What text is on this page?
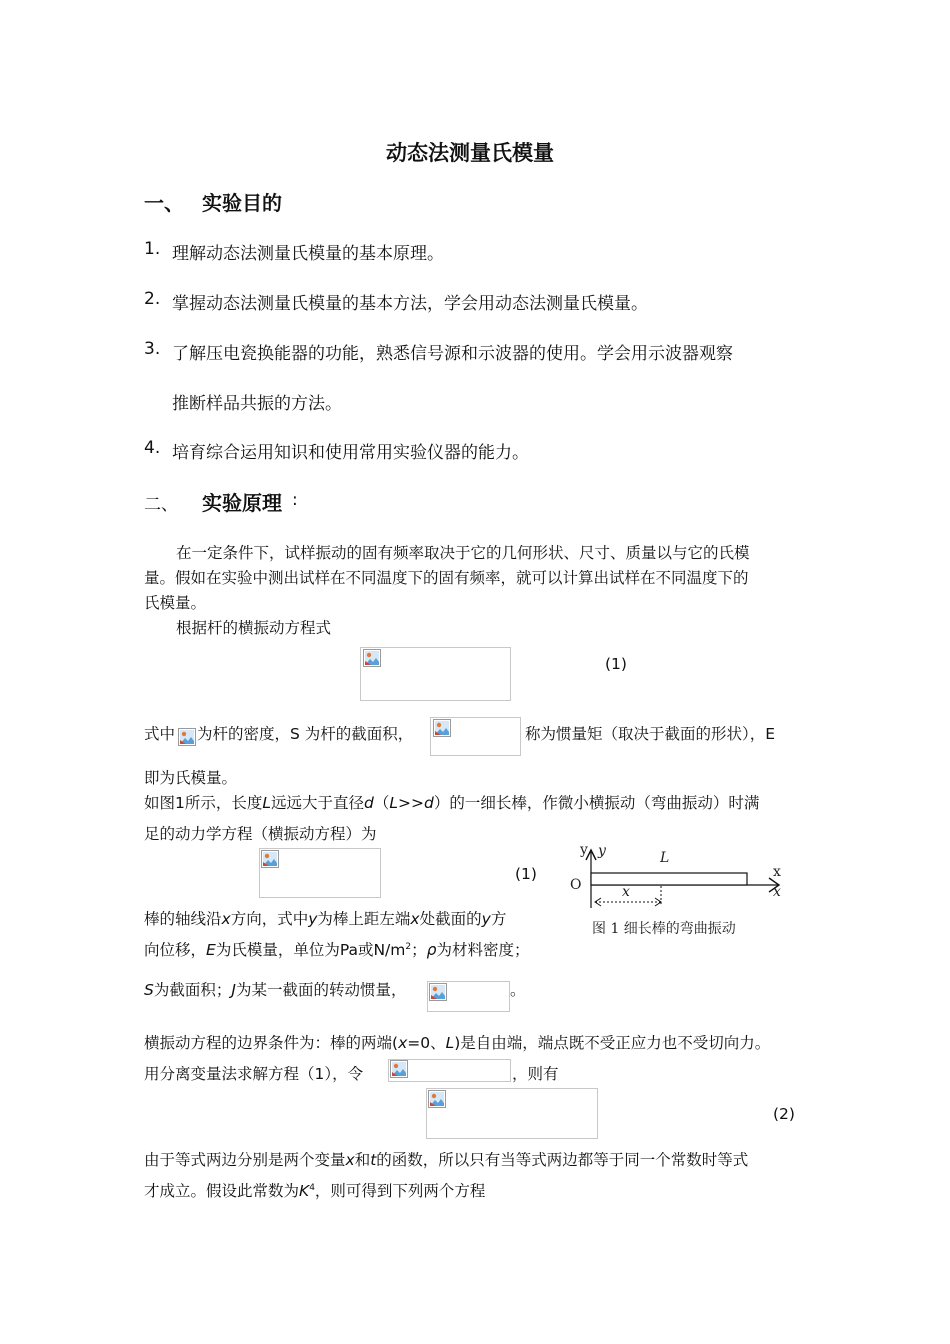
动态法测量氏模量
一、 实验目的
1. 理解动态法测量氏模量的基本原理。
2. 掌握动态法测量氏模量的基本方法，学会用动态法测量氏模量。
3. 了解压电瓷换能器的功能，熟悉信号源和示波器的使用。学会用示波器观察
推断样品共振的方法。
4. 培育综合运用知识和使用常用实验仪器的能力。
二、 实验原理 :
在一定条件下，试样振动的固有频率取决于它的几何形状、尺寸、质量以与它的氏模
量。假如在实验中测出试样在不同温度下的固有频率，就可以计算出试样在不同温度下的
氏模量。
根据杆的横振动方程式
(1)
式中 为杆的密度，S 为杆的截面积，	称为惯量矩（取决于截面的形状），E
即为氏模量。
如图1所示，长度L远远大于直径d（L>>d）的一细长棒，作微小横振动（弯曲振动）时满
足的动力学方程（横振动方程）为
(1)
y y
O
L
x
x
x
图 1 细长棒的弯曲振动
棒的轴线沿x方向，式中y为棒上距左端x处截面的y方
向位移，E为氏模量，单位为Pa或$N/m^2$；ρ为材料密度；
S为截面积；J为某一截面的转动惯量，	。
横振动方程的边界条件为：棒的两端(x=0、L)是自由端，端点既不受正应力也不受切向力。
用分离变量法求解方程（1），令	，则有
(2)
由于等式两边分别是两个变量x和t的函数，所以只有当等式两边都等于同一个常数时等式
才成立。假设此常数为$K^4$，则可得到下列两个方程
